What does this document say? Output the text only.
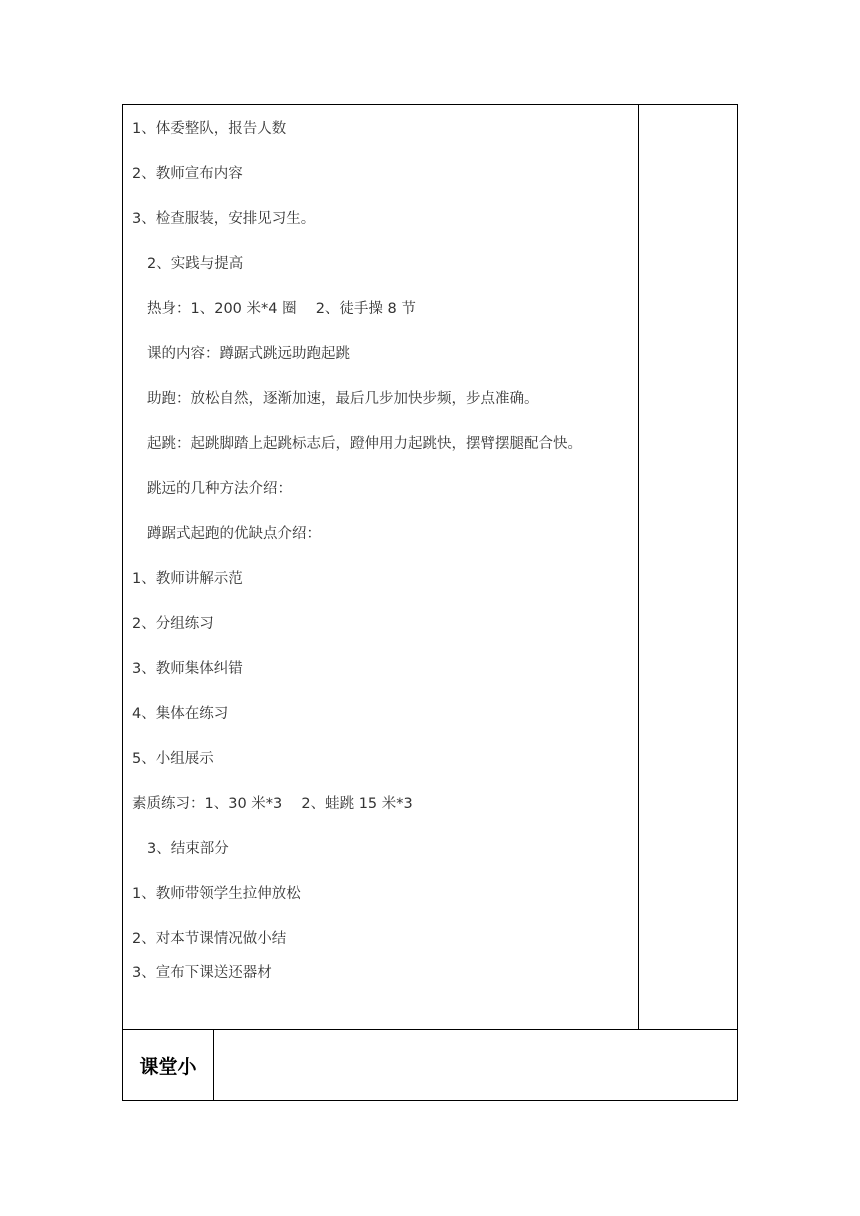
1、体委整队，报告人数
2、教师宣布内容
3、检查服装，安排见习生。
2、实践与提高
热身：1、200 米*4 圈　 2、徒手操 8 节
课的内容：蹲踞式跳远助跑起跳
助跑：放松自然，逐渐加速，最后几步加快步频，步点准确。
起跳：起跳脚踏上起跳标志后，蹬伸用力起跳快，摆臂摆腿配合快。
跳远的几种方法介绍：
蹲踞式起跑的优缺点介绍：
1、教师讲解示范
2、分组练习
3、教师集体纠错
4、集体在练习
5、小组展示
素质练习：1、30 米*3　 2、蛙跳 15 米*3
3、结束部分
1、教师带领学生拉伸放松
2、对本节课情况做小结
3、宣布下课送还器材
课堂小
